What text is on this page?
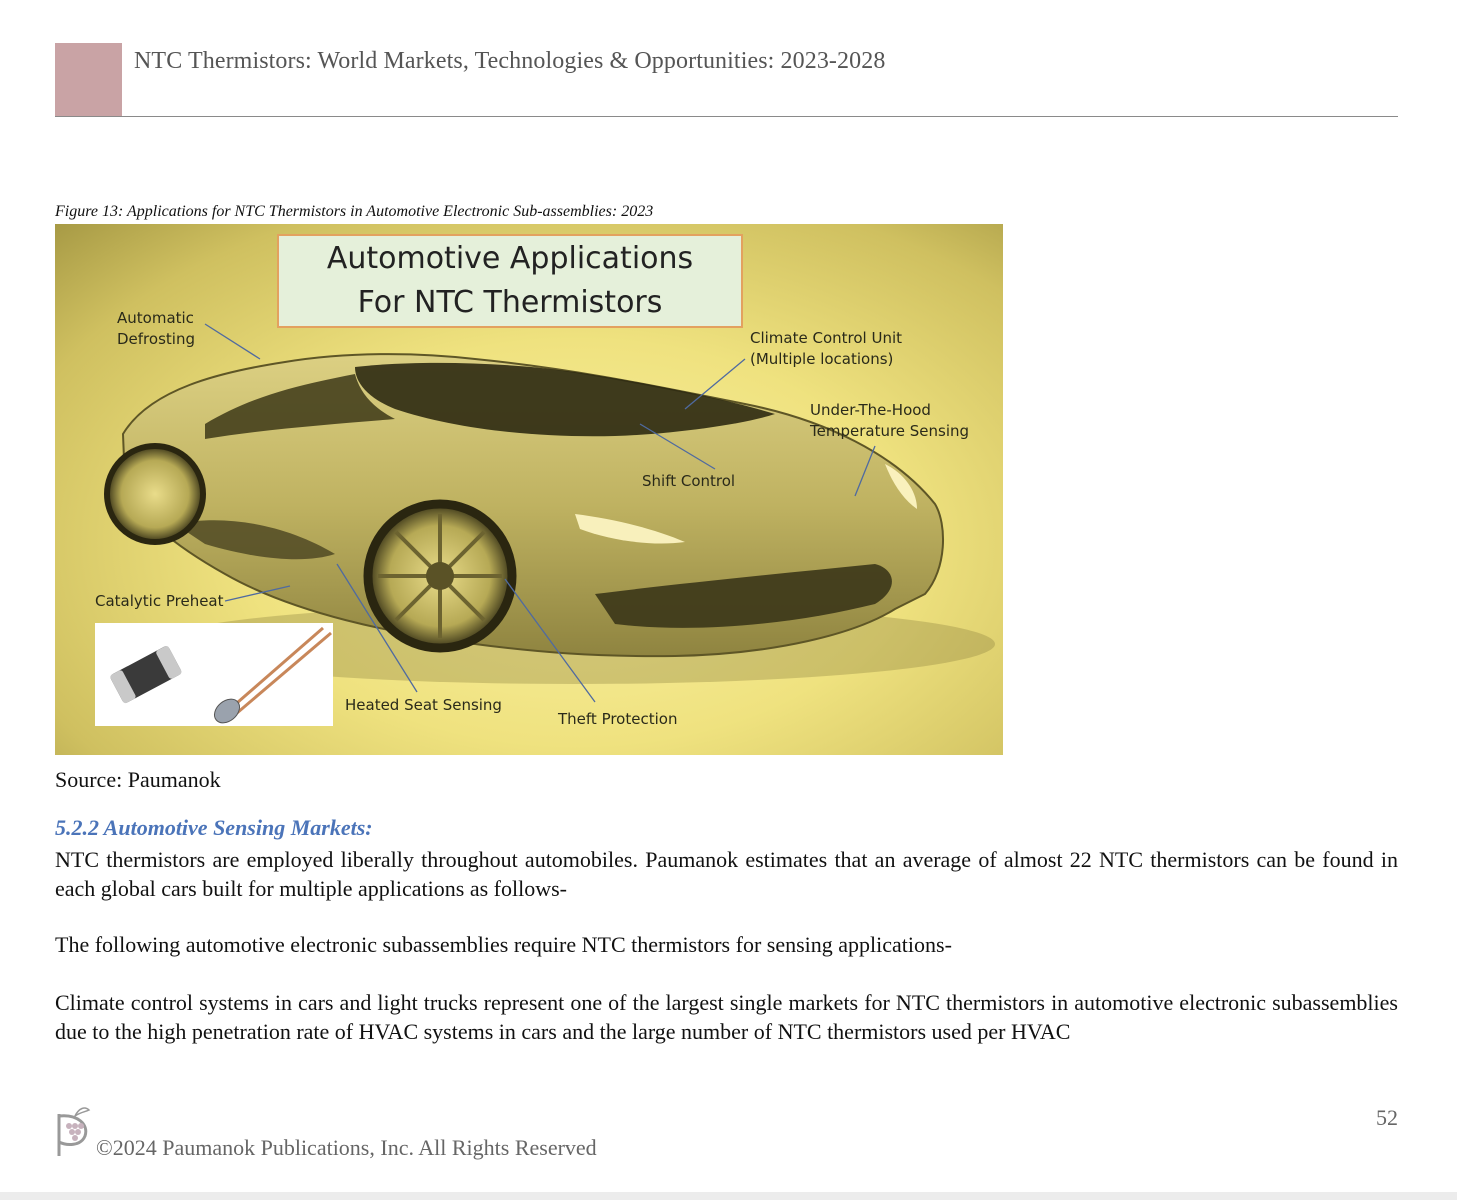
NTC Thermistors: World Markets, Technologies & Opportunities: 2023-2028
Figure 13: Applications for NTC Thermistors in Automotive Electronic Sub-assemblies: 2023
Automotive Applications
For NTC Thermistors
Automatic
Defrosting	Climate Control Unit
(Multiple locations)
Under-The-Hood
Temperature Sensing
Shift Control
Catalytic Preheat
Heated Seat Sensing
Theft Protection
Source: Paumanok
5.2.2 Automotive Sensing Markets:
NTC thermistors are employed liberally throughout automobiles. Paumanok estimates that an average of almost 22 NTC thermistors can be found in each global cars built for multiple applications as follows-
The following automotive electronic subassemblies require NTC thermistors for sensing applications-
Climate control systems in cars and light trucks represent one of the largest single markets for NTC thermistors in automotive electronic subassemblies due to the high penetration rate of HVAC systems in cars and the large number of NTC thermistors used per HVAC
52
©2024 Paumanok Publications, Inc. All Rights Reserved
